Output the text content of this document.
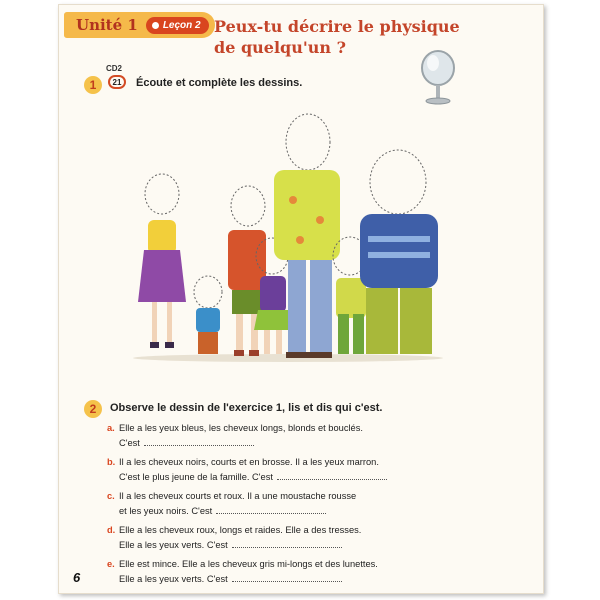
Unité 1	Leçon 2 Peux-tu décrire le physique
de quelqu'un ?
1
CD2
21 Écoute et complète les dessins.
2	Observe le dessin de l'exercice 1, lis et dis qui c'est.
a. Elle a les yeux bleus, les cheveux longs, blonds et bouclés.
C'est
b. Il a les cheveux noirs, courts et en brosse. Il a les yeux marron.
C'est le plus jeune de la famille. C'est
c. Il a les cheveux courts et roux. Il a une moustache rousse
et les yeux noirs. C'est
d. Elle a les cheveux roux, longs et raides. Elle a des tresses.
Elle a les yeux verts. C'est
e. Elle est mince. Elle a les cheveux gris mi-longs et des lunettes.
Elle a les yeux verts. C'est
6
